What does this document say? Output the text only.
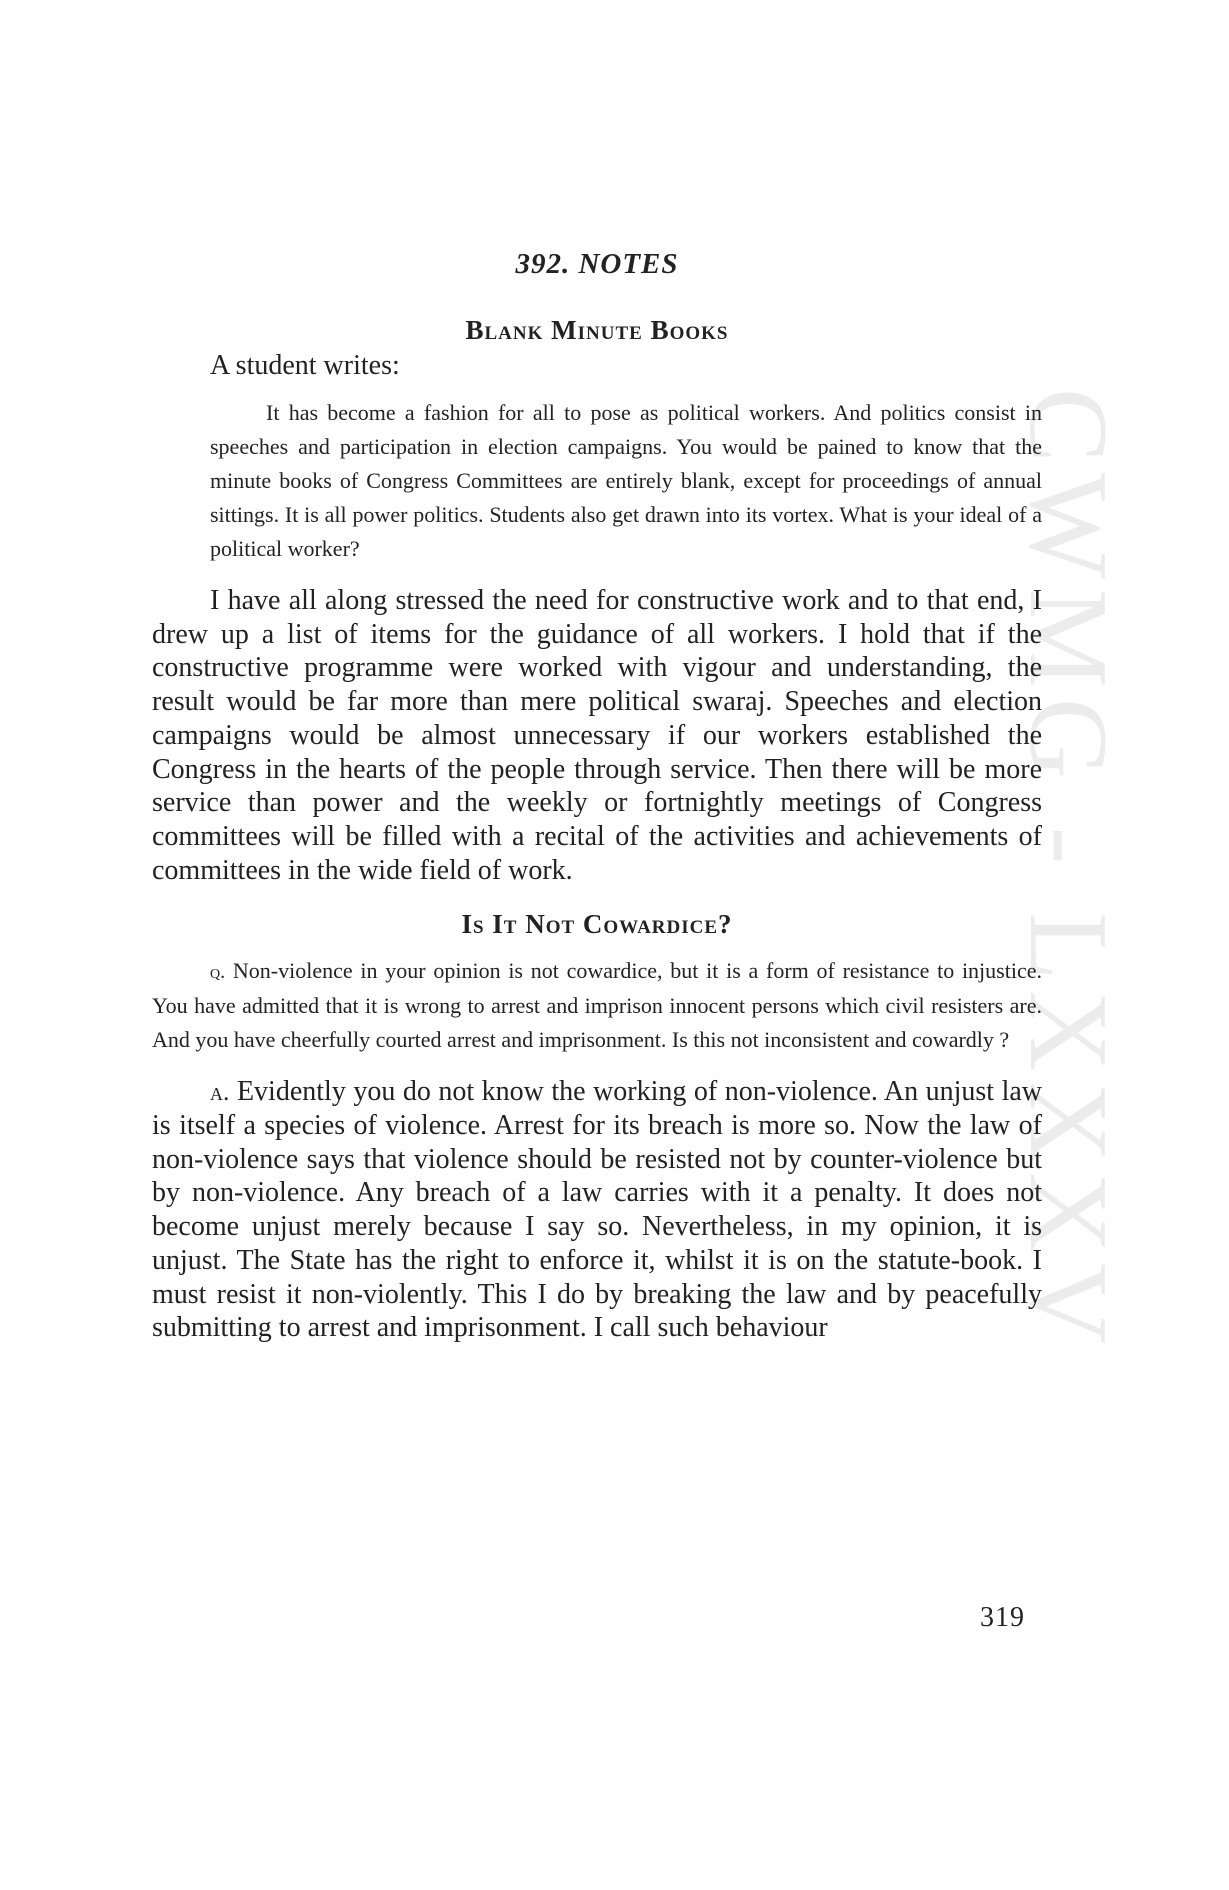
CWMG - LXXXV
392. NOTES
Blank Minute Books

A student writes:

It has become a fashion for all to pose as political workers. And politics consist in speeches and participation in election campaigns. You would be pained to know that the minute books of Congress Committees are entirely blank, except for proceedings of annual sittings. It is all power politics. Students also get drawn into its vortex. What is your ideal of a political worker?

I have all along stressed the need for constructive work and to that end, I drew up a list of items for the guidance of all workers. I hold that if the constructive programme were worked with vigour and understanding, the result would be far more than mere political swaraj. Speeches and election campaigns would be almost unnecessary if our workers established the Congress in the hearts of the people through service. Then there will be more service than power and the weekly or fortnightly meetings of Congress committees will be filled with a recital of the activities and achievements of committees in the wide field of work.

Is It Not Cowardice?

q. Non-violence in your opinion is not cowardice, but it is a form of resistance to injustice. You have admitted that it is wrong to arrest and imprison innocent persons which civil resisters are. And you have cheerfully courted arrest and imprisonment. Is this not inconsistent and cowardly ?

a. Evidently you do not know the working of non-violence. An unjust law is itself a species of violence. Arrest for its breach is more so. Now the law of non-violence says that violence should be resisted not by counter-violence but by non-violence. Any breach of a law carries with it a penalty. It does not become unjust merely because I say so. Nevertheless, in my opinion, it is unjust. The State has the right to enforce it, whilst it is on the statute-book. I must resist it non-violently. This I do by breaking the law and by peacefully submitting to arrest and imprisonment. I call such behaviour

319
